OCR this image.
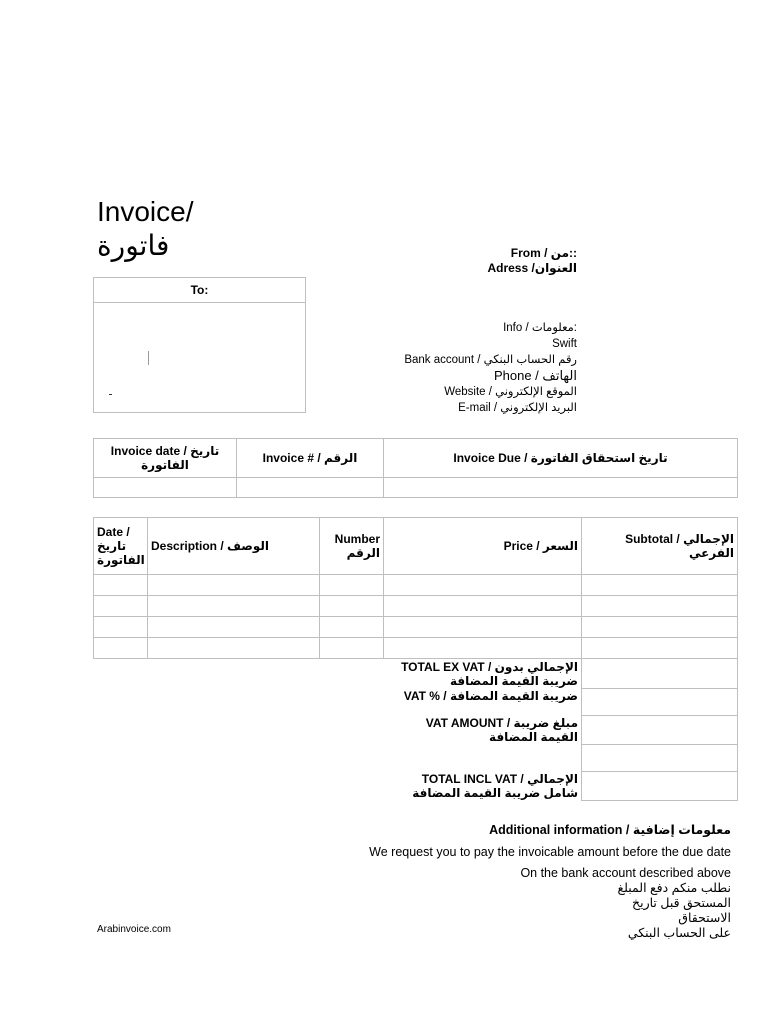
Invoice/
فاتورة	From / من::
Adress /العنوان
Info / معلومات:
Swift
Bank account / رقم الحساب البنكي
Phone / الهاتف
Website / الموقع الإلكتروني
E-mail / البريد الإلكتروني
To:
Invoice date / تاريخ الفاتورة	Invoice # / الرقم	Invoice Due / تاريخ استحقاق الفاتورة

Date / تاريخ الفاتورة	Description / الوصف	Number الرقم	Price / السعر	Subtotal / الإجمالي الفرعي

			TOTAL EX VAT / الإجمالي بدون ضريبة القيمة المضافة	
			VAT % / ضريبة القيمة المضافة	
			VAT AMOUNT / مبلغ ضريبة القيمة المضافة	

			TOTAL INCL VAT / الإجمالي شامل ضريبة القيمة المضافة	
Additional information / معلومات إضافية
We request you to pay the invoicable amount before the due date
On the bank account described above
نطلب منكم دفع المبلغ
المستحق قبل تاريخ
الاستحقاق
على الحساب البنكي
Arabinvoice.com
